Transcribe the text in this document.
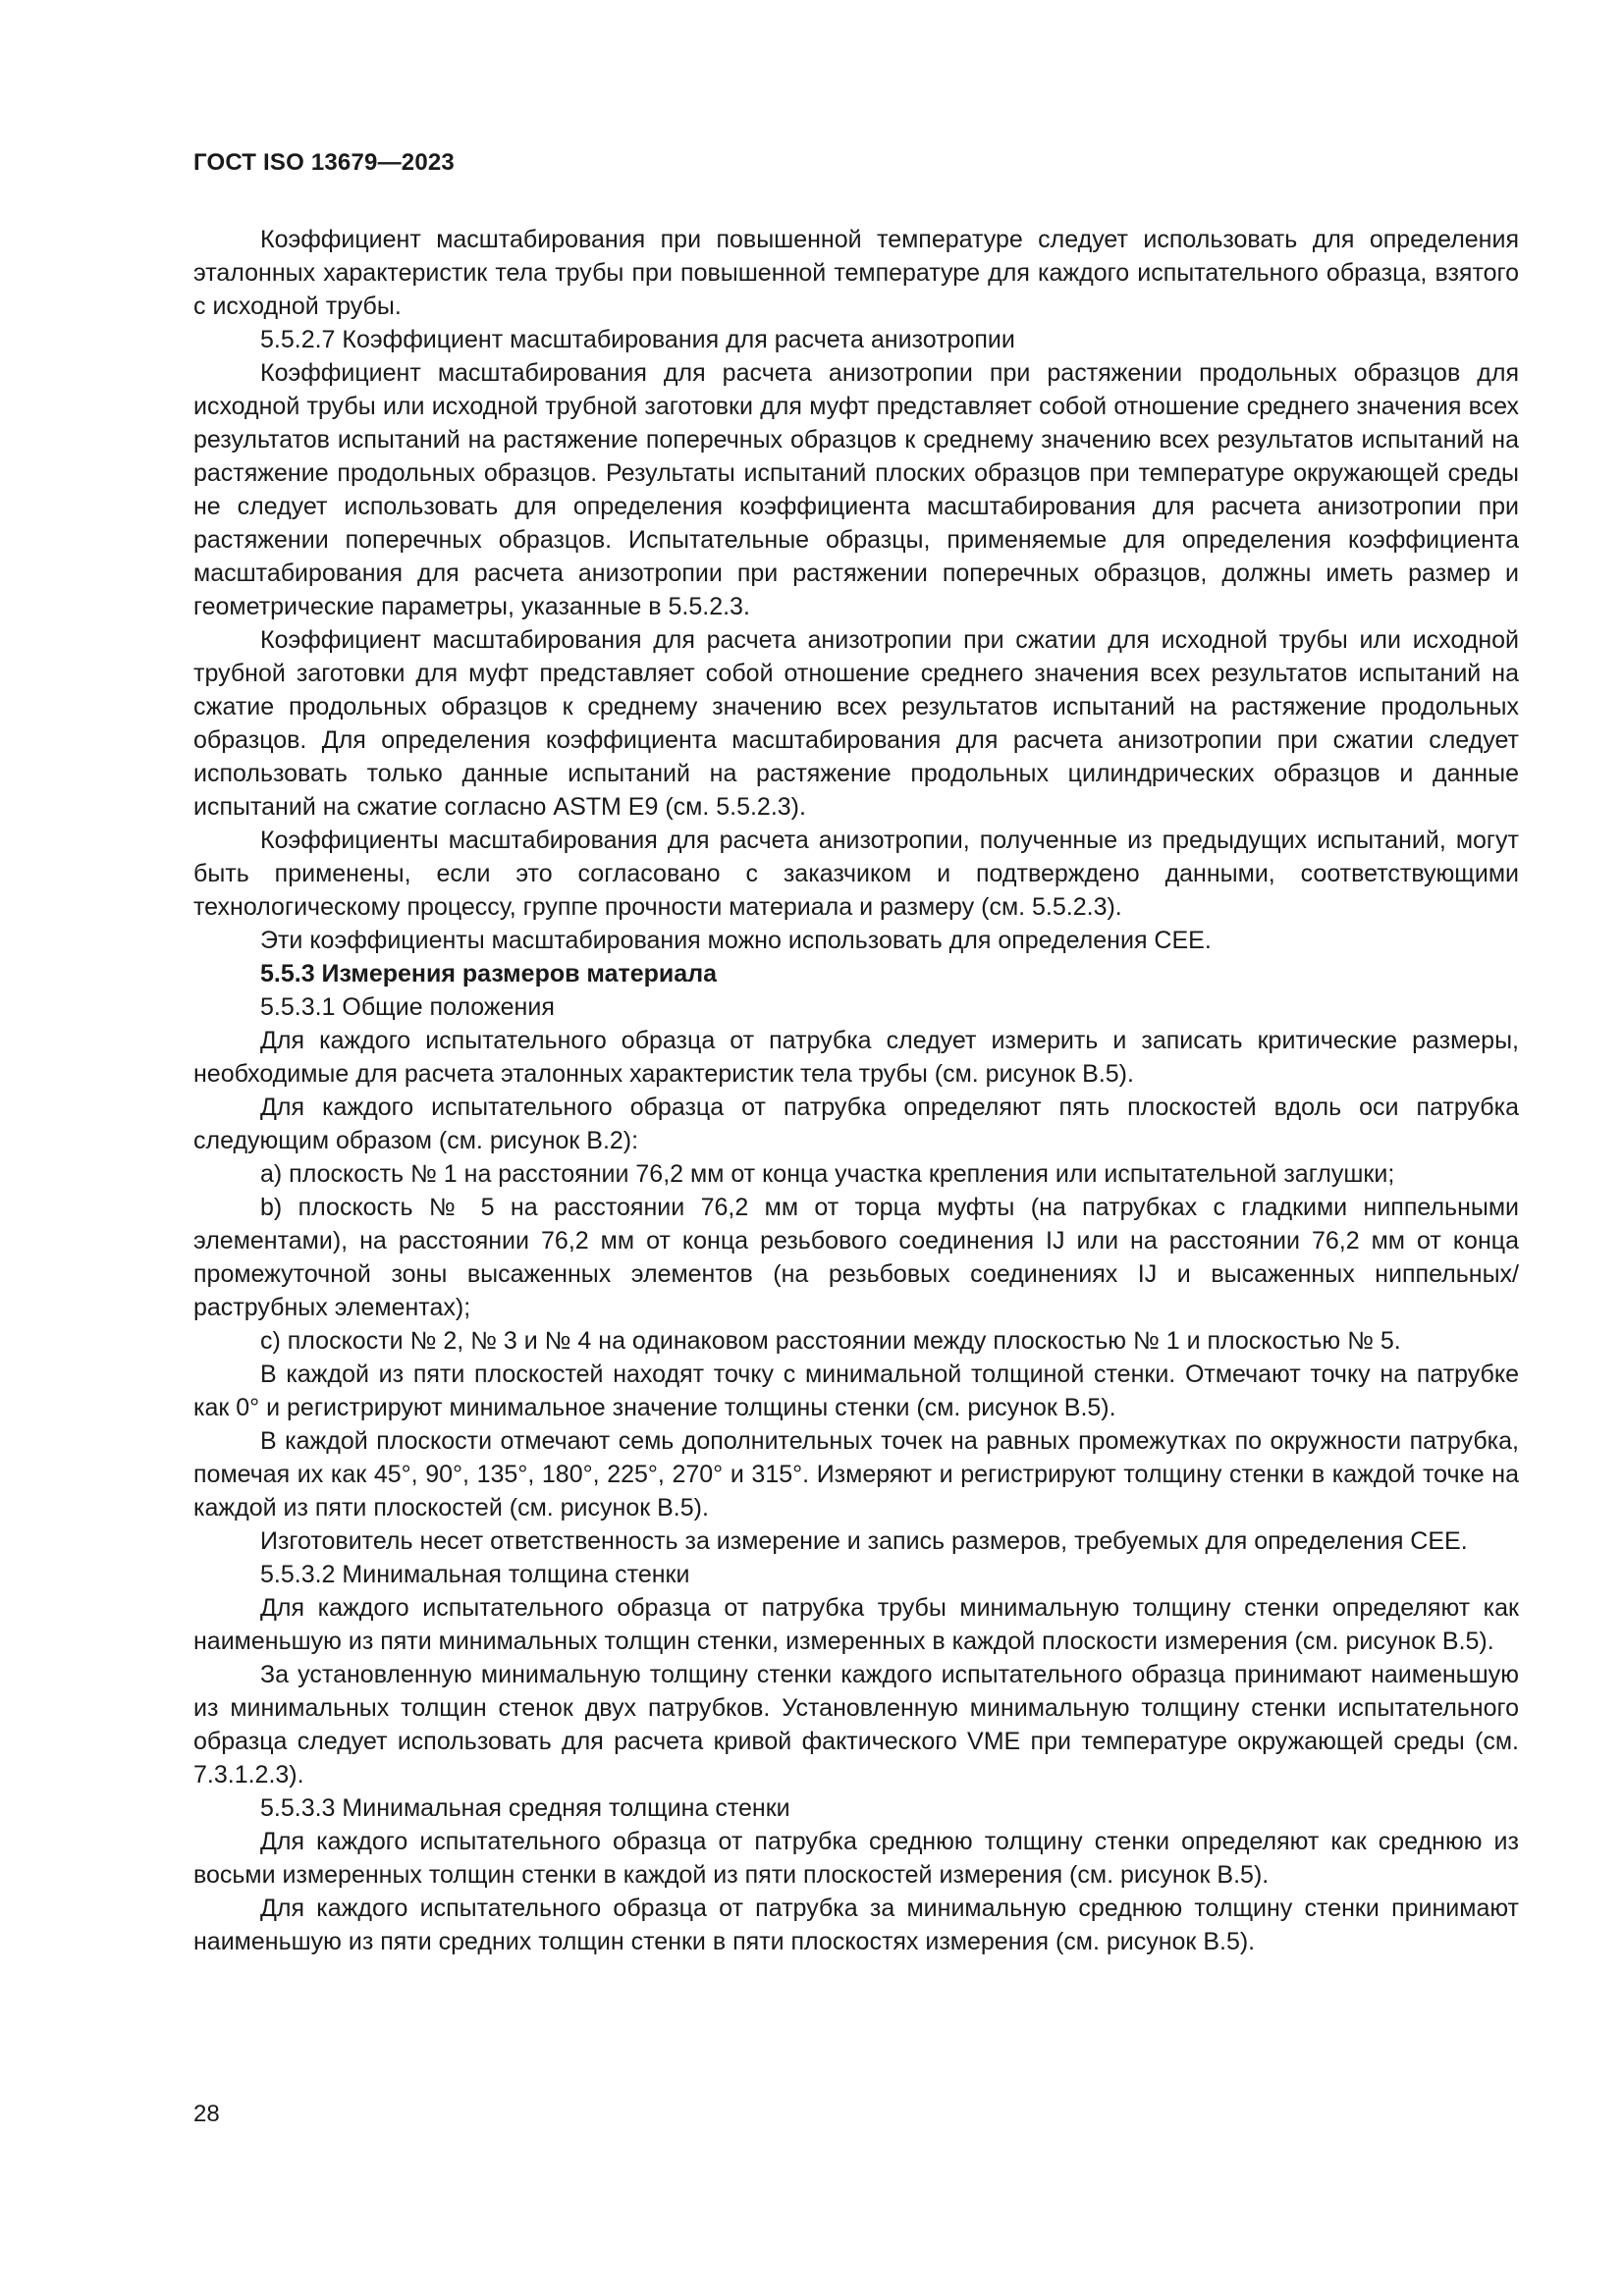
ГОСТ ISO 13679—2023

Коэффициент масштабирования при повышенной температуре следует использовать для определения эталонных характеристик тела трубы при повышенной температуре для каждого испытательного образца, взятого с исходной трубы.

5.5.2.7 Коэффициент масштабирования для расчета анизотропии

Коэффициент масштабирования для расчета анизотропии при растяжении продольных образцов для исходной трубы или исходной трубной заготовки для муфт представляет собой отношение среднего значения всех результатов испытаний на растяжение поперечных образцов к среднему значению всех результатов испытаний на растяжение продольных образцов. Результаты испытаний плоских образцов при температуре окружающей среды не следует использовать для определения коэффициента масштабирования для расчета анизотропии при растяжении поперечных образцов. Испытательные образцы, применяемые для определения коэффициента масштабирования для расчета анизотропии при растяжении поперечных образцов, должны иметь размер и геометрические параметры, указанные в 5.5.2.3.

Коэффициент масштабирования для расчета анизотропии при сжатии для исходной трубы или исходной трубной заготовки для муфт представляет собой отношение среднего значения всех результатов испытаний на сжатие продольных образцов к среднему значению всех результатов испытаний на растяжение продольных образцов. Для определения коэффициента масштабирования для расчета анизотропии при сжатии следует использовать только данные испытаний на растяжение продольных цилиндрических образцов и данные испытаний на сжатие согласно ASTM E9 (см. 5.5.2.3).

Коэффициенты масштабирования для расчета анизотропии, полученные из предыдущих испытаний, могут быть применены, если это согласовано с заказчиком и подтверждено данными, соответствующими технологическому процессу, группе прочности материала и размеру (см. 5.5.2.3).

Эти коэффициенты масштабирования можно использовать для определения СЕЕ.

5.5.3 Измерения размеров материала

5.5.3.1 Общие положения

Для каждого испытательного образца от патрубка следует измерить и записать критические размеры, необходимые для расчета эталонных характеристик тела трубы (см. рисунок В.5).

Для каждого испытательного образца от патрубка определяют пять плоскостей вдоль оси патрубка следующим образом (см. рисунок В.2):

a) плоскость № 1 на расстоянии 76,2 мм от конца участка крепления или испытательной заглушки;

b) плоскость № 5 на расстоянии 76,2 мм от торца муфты (на патрубках с гладкими ниппельными элементами), на расстоянии 76,2 мм от конца резьбового соединения IJ или на расстоянии 76,2 мм от конца промежуточной зоны высаженных элементов (на резьбовых соединениях IJ и высаженных ниппельных/раструбных элементах);

c) плоскости № 2, № 3 и № 4 на одинаковом расстоянии между плоскостью № 1 и плоскостью № 5.

В каждой из пяти плоскостей находят точку с минимальной толщиной стенки. Отмечают точку на патрубке как 0° и регистрируют минимальное значение толщины стенки (см. рисунок В.5).

В каждой плоскости отмечают семь дополнительных точек на равных промежутках по окружности патрубка, помечая их как 45°, 90°, 135°, 180°, 225°, 270° и 315°. Измеряют и регистрируют толщину стенки в каждой точке на каждой из пяти плоскостей (см. рисунок В.5).

Изготовитель несет ответственность за измерение и запись размеров, требуемых для определения СЕЕ.

5.5.3.2 Минимальная толщина стенки

Для каждого испытательного образца от патрубка трубы минимальную толщину стенки определяют как наименьшую из пяти минимальных толщин стенки, измеренных в каждой плоскости измерения (см. рисунок В.5).

За установленную минимальную толщину стенки каждого испытательного образца принимают наименьшую из минимальных толщин стенок двух патрубков. Установленную минимальную толщину стенки испытательного образца следует использовать для расчета кривой фактического VME при температуре окружающей среды (см. 7.3.1.2.3).

5.5.3.3 Минимальная средняя толщина стенки

Для каждого испытательного образца от патрубка среднюю толщину стенки определяют как среднюю из восьми измеренных толщин стенки в каждой из пяти плоскостей измерения (см. рисунок В.5).

Для каждого испытательного образца от патрубка за минимальную среднюю толщину стенки принимают наименьшую из пяти средних толщин стенки в пяти плоскостях измерения (см. рисунок В.5).

28
